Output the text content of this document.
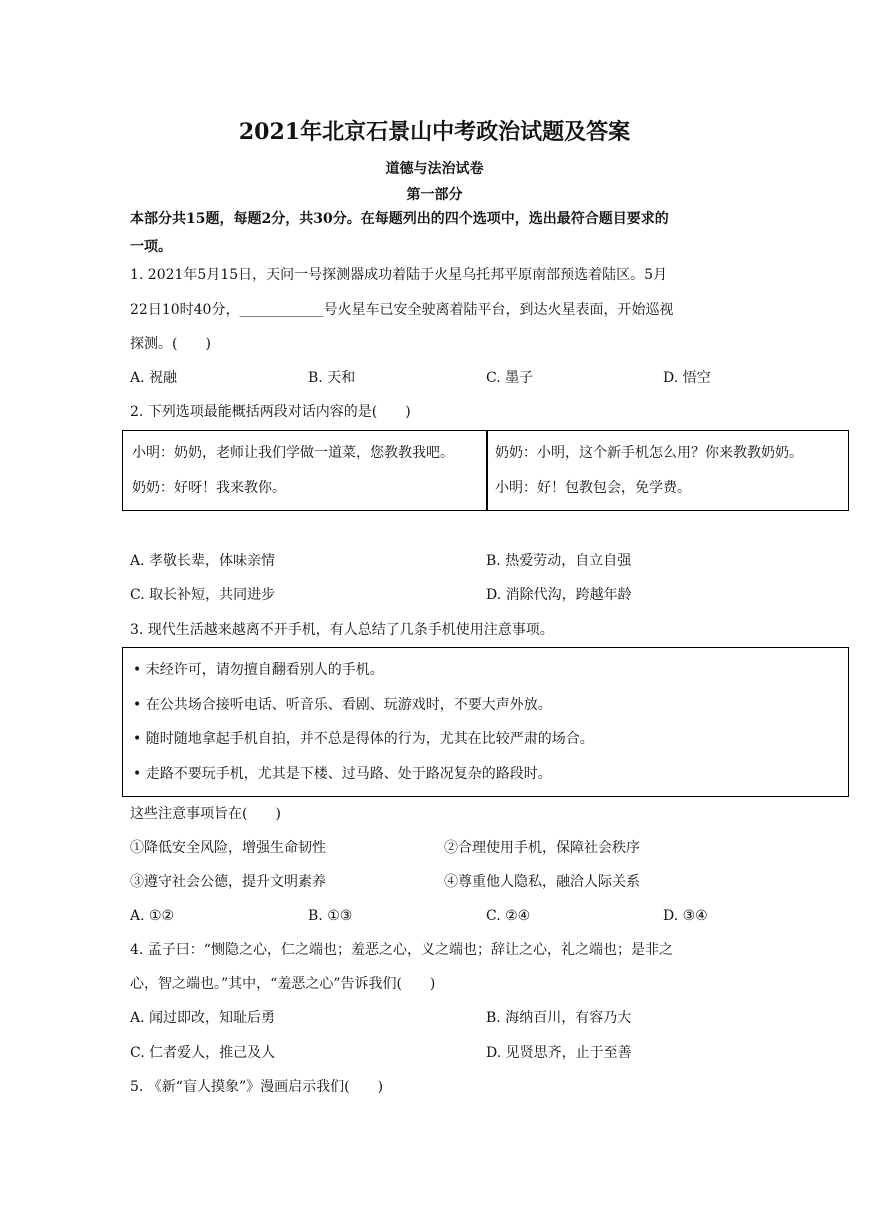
2021年北京石景山中考政治试题及答案
道德与法治试卷
第一部分
本部分共15题，每题2分，共30分。在每题列出的四个选项中，选出最符合题目要求的
一项。
1. 2021年5月15日，天问一号探测器成功着陆于火星乌托邦平原南部预选着陆区。5月
22日10时40分，____________号火星车已安全驶离着陆平台，到达火星表面，开始巡视
探测。(　　)
A. 祝融	B. 天和	C. 墨子	D. 悟空
2. 下列选项最能概括两段对话内容的是(　　)
小明：奶奶，老师让我们学做一道菜，您教教我吧。
奶奶：好呀！我来教你。
奶奶：小明，这个新手机怎么用？你来教教奶奶。
小明：好！包教包会，免学费。
A. 孝敬长辈，体味亲情	B. 热爱劳动，自立自强
C. 取长补短，共同进步	D. 消除代沟，跨越年龄
3. 现代生活越来越离不开手机，有人总结了几条手机使用注意事项。
• 未经许可，请勿擅自翻看别人的手机。
• 在公共场合接听电话、听音乐、看剧、玩游戏时，不要大声外放。
• 随时随地拿起手机自拍，并不总是得体的行为，尤其在比较严肃的场合。
• 走路不要玩手机，尤其是下楼、过马路、处于路况复杂的路段时。
这些注意事项旨在(　　)
①降低安全风险，增强生命韧性	②合理使用手机，保障社会秩序
③遵守社会公德，提升文明素养	④尊重他人隐私，融洽人际关系
A. ①②	B. ①③	C. ②④	D. ③④
4. 孟子曰：“恻隐之心，仁之端也；羞恶之心，义之端也；辞让之心，礼之端也；是非之
心，智之端也。”其中，“羞恶之心”告诉我们(　　)
A. 闻过即改，知耻后勇	B. 海纳百川，有容乃大
C. 仁者爱人，推己及人	D. 见贤思齐，止于至善
5. 《新“盲人摸象”》漫画启示我们(　　)
